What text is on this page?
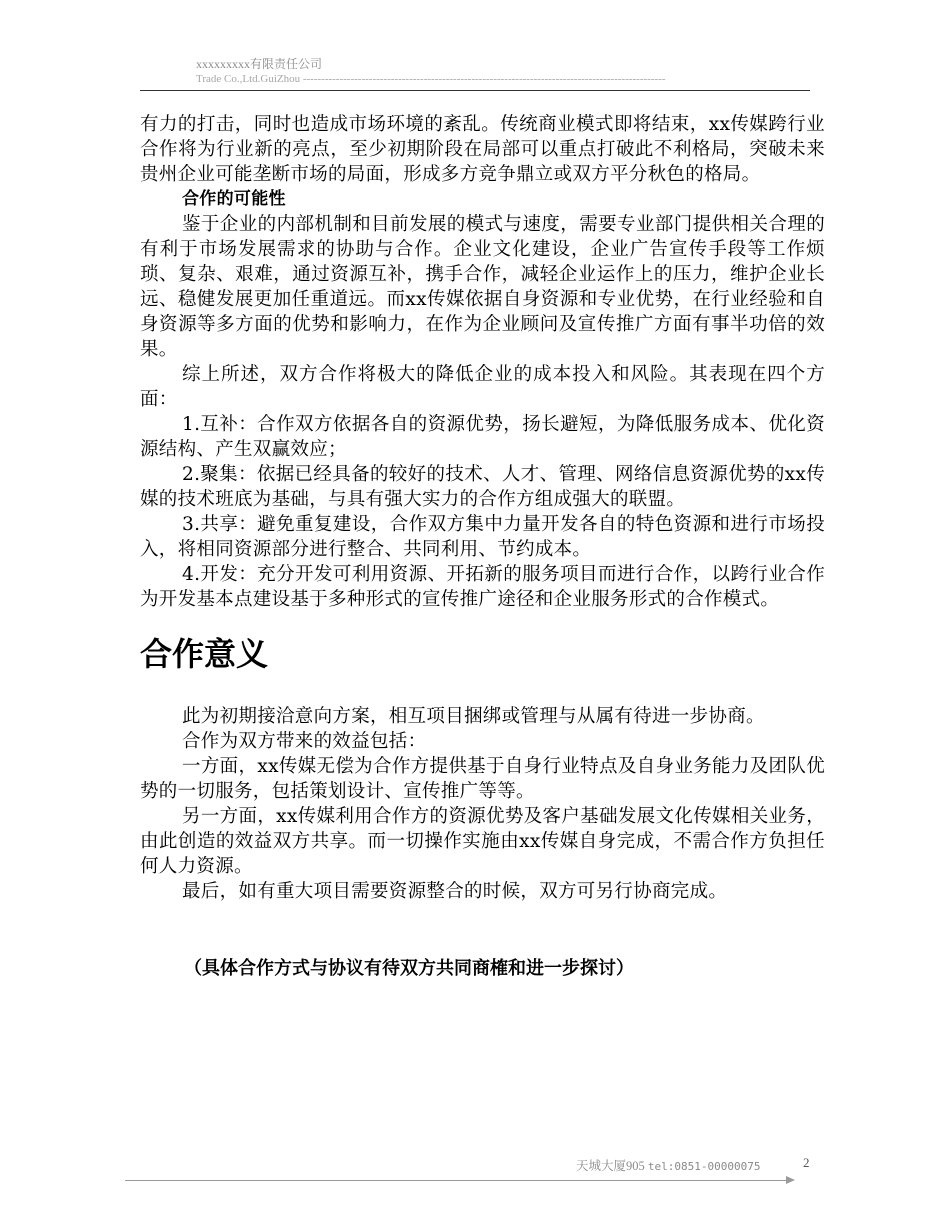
xxxxxxxxx有限责任公司
Trade Co.,Ltd.GuiZhou ---------------------------------------------------------------------------------------------------

有力的打击，同时也造成市场环境的紊乱。传统商业模式即将结束，xx传媒跨行业合作将为行业新的亮点，至少初期阶段在局部可以重点打破此不利格局，突破未来贵州企业可能垄断市场的局面，形成多方竞争鼎立或双方平分秋色的格局。

合作的可能性

鉴于企业的内部机制和目前发展的模式与速度，需要专业部门提供相关合理的有利于市场发展需求的协助与合作。企业文化建设，企业广告宣传手段等工作烦琐、复杂、艰难，通过资源互补，携手合作，减轻企业运作上的压力，维护企业长远、稳健发展更加任重道远。而xx传媒依据自身资源和专业优势，在行业经验和自身资源等多方面的优势和影响力，在作为企业顾问及宣传推广方面有事半功倍的效果。

综上所述，双方合作将极大的降低企业的成本投入和风险。其表现在四个方面：

1.互补：合作双方依据各自的资源优势，扬长避短，为降低服务成本、优化资源结构、产生双赢效应；

2.聚集：依据已经具备的较好的技术、人才、管理、网络信息资源优势的xx传媒的技术班底为基础，与具有强大实力的合作方组成强大的联盟。

3.共享：避免重复建设，合作双方集中力量开发各自的特色资源和进行市场投入，将相同资源部分进行整合、共同利用、节约成本。

4.开发：充分开发可利用资源、开拓新的服务项目而进行合作，以跨行业合作为开发基本点建设基于多种形式的宣传推广途径和企业服务形式的合作模式。

合作意义

此为初期接洽意向方案，相互项目捆绑或管理与从属有待进一步协商。

合作为双方带来的效益包括：

一方面，xx传媒无偿为合作方提供基于自身行业特点及自身业务能力及团队优势的一切服务，包括策划设计、宣传推广等等。

另一方面，xx传媒利用合作方的资源优势及客户基础发展文化传媒相关业务，由此创造的效益双方共享。而一切操作实施由xx传媒自身完成，不需合作方负担任何人力资源。

最后，如有重大项目需要资源整合的时候，双方可另行协商完成。

（具体合作方式与协议有待双方共同商榷和进一步探讨）

天城大厦905 tel:0851-00000075	2
